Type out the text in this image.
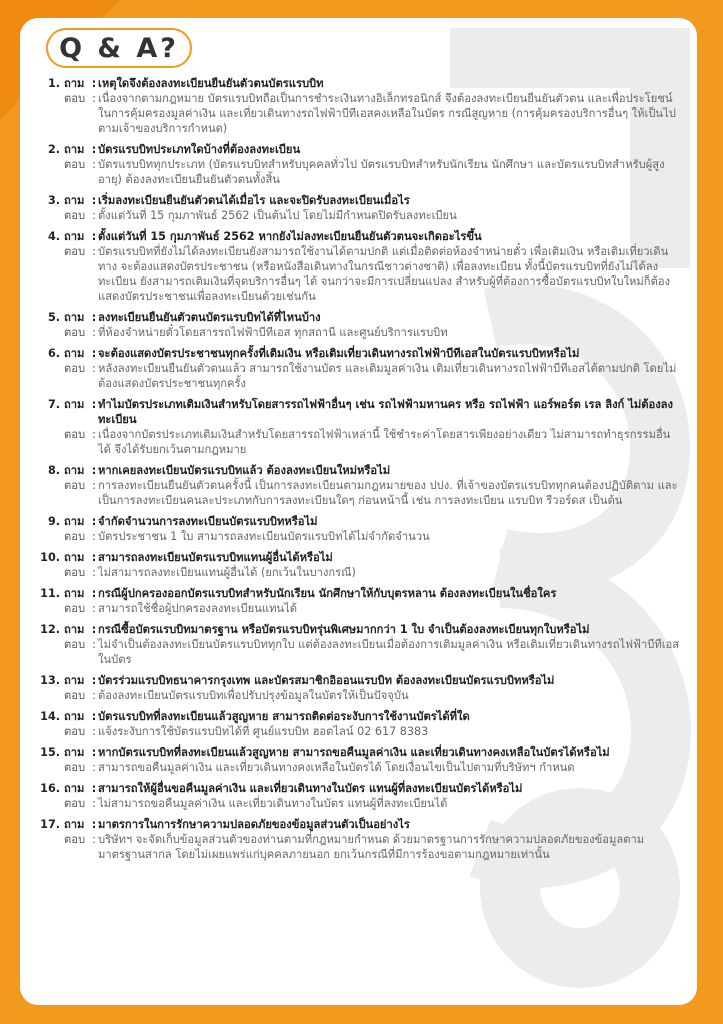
Q & A?
1. ถาม : เหตุใดจึงต้องลงทะเบียนยืนยันตัวตนบัตรแรบบิท
ตอบ : เนื่องจากตามกฎหมาย บัตรแรบบิทถือเป็นการชำระเงินทางอิเล็กทรอนิกส์ จึงต้องลงทะเบียนยืนยันตัวตน และเพื่อประโยชน์ในการคุ้มครองมูลค่าเงิน และเที่ยวเดินทางรถไฟฟ้าบีทีเอสคงเหลือในบัตร กรณีสูญหาย (การคุ้มครองบริการอื่นๆ ให้เป็นไปตามเจ้าของบริการกำหนด)
2. ถาม : บัตรแรบบิทประเภทใดบ้างที่ต้องลงทะเบียน
ตอบ : บัตรแรบบิททุกประเภท (บัตรแรบบิทสำหรับบุคคลทั่วไป บัตรแรบบิทสำหรับนักเรียน นักศึกษา และบัตรแรบบิทสำหรับผู้สูงอายุ) ต้องลงทะเบียนยืนยันตัวตนทั้งสิ้น
3. ถาม : เริ่มลงทะเบียนยืนยันตัวตนได้เมื่อไร และจะปิดรับลงทะเบียนเมื่อไร
ตอบ : ตั้งแต่วันที่ 15 กุมภาพันธ์ 2562 เป็นต้นไป โดยไม่มีกำหนดปิดรับลงทะเบียน
4. ถาม : ตั้งแต่วันที่ 15 กุมภาพันธ์ 2562 หากยังไม่ลงทะเบียนยืนยันตัวตนจะเกิดอะไรขึ้น
ตอบ : บัตรแรบบิทที่ยังไม่ได้ลงทะเบียนยังสามารถใช้งานได้ตามปกติ แต่เมื่อติดต่อห้องจำหน่ายตั๋ว เพื่อเติมเงิน หรือเติมเที่ยวเดินทาง จะต้องแสดงบัตรประชาชน (หรือหนังสือเดินทางในกรณีชาวต่างชาติ) เพื่อลงทะเบียน ทั้งนี้บัตรแรบบิทที่ยังไม่ได้ลงทะเบียน ยังสามารถเติมเงินที่จุดบริการอื่นๆ ได้ จนกว่าจะมีการเปลี่ยนแปลง สำหรับผู้ที่ต้องการซื้อบัตรแรบบิทใบใหม่ก็ต้องแสดงบัตรประชาชนเพื่อลงทะเบียนด้วยเช่นกัน
5. ถาม : ลงทะเบียนยืนยันตัวตนบัตรแรบบิทได้ที่ไหนบ้าง
ตอบ : ที่ห้องจำหน่ายตั๋วโดยสารรถไฟฟ้าบีทีเอส ทุกสถานี และศูนย์บริการแรบบิท
6. ถาม : จะต้องแสดงบัตรประชาชนทุกครั้งที่เติมเงิน หรือเติมเที่ยวเดินทางรถไฟฟ้าบีทีเอสในบัตรแรบบิทหรือไม่
ตอบ : หลังลงทะเบียนยืนยันตัวตนแล้ว สามารถใช้งานบัตร และเติมมูลค่าเงิน เติมเที่ยวเดินทางรถไฟฟ้าบีทีเอสได้ตามปกติ โดยไม่ต้องแสดงบัตรประชาชนทุกครั้ง
7. ถาม : ทำไมบัตรประเภทเติมเงินสำหรับโดยสารรถไฟฟ้าอื่นๆ เช่น รถไฟฟ้ามหานคร หรือ รถไฟฟ้า แอร์พอร์ต เรล ลิงก์ ไม่ต้องลงทะเบียน
ตอบ : เนื่องจากบัตรประเภทเติมเงินสำหรับโดยสารรถไฟฟ้าเหล่านี้ ใช้ชำระค่าโดยสารเพียงอย่างเดียว ไม่สามารถทำธุรกรรมอื่นได้ จึงได้รับยกเว้นตามกฎหมาย
8. ถาม : หากเคยลงทะเบียนบัตรแรบบิทแล้ว ต้องลงทะเบียนใหม่หรือไม่
ตอบ : การลงทะเบียนยืนยันตัวตนครั้งนี้ เป็นการลงทะเบียนตามกฎหมายของ ปปง. ที่เจ้าของบัตรแรบบิททุกคนต้องปฏิบัติตาม และเป็นการลงทะเบียนคนละประเภทกับการลงทะเบียนใดๆ ก่อนหน้านี้ เช่น การลงทะเบียน แรบบิท รีวอร์ดส เป็นต้น
9. ถาม : จำกัดจำนวนการลงทะเบียนบัตรแรบบิทหรือไม่
ตอบ : บัตรประชาชน 1 ใบ สามารถลงทะเบียนบัตรแรบบิทได้ไม่จำกัดจำนวน
10. ถาม : สามารถลงทะเบียนบัตรแรบบิทแทนผู้อื่นได้หรือไม่
ตอบ : ไม่สามารถลงทะเบียนแทนผู้อื่นได้ (ยกเว้นในบางกรณี)
11. ถาม : กรณีผู้ปกครองออกบัตรแรบบิทสำหรับนักเรียน นักศึกษาให้กับบุตรหลาน ต้องลงทะเบียนในชื่อใคร
ตอบ : สามารถใช้ชื่อผู้ปกครองลงทะเบียนแทนได้
12. ถาม : กรณีซื้อบัตรแรบบิทมาตรฐาน หรือบัตรแรบบิทรุ่นพิเศษมากกว่า 1 ใบ จำเป็นต้องลงทะเบียนทุกใบหรือไม่
ตอบ : ไม่จำเป็นต้องลงทะเบียนบัตรแรบบิททุกใบ แต่ต้องลงทะเบียนเมื่อต้องการเติมมูลค่าเงิน หรือเติมเที่ยวเดินทางรถไฟฟ้าบีทีเอสในบัตร
13. ถาม : บัตรร่วมแรบบิทธนาคารกรุงเทพ และบัตรสมาชิกอิออนแรบบิท ต้องลงทะเบียนบัตรแรบบิทหรือไม่
ตอบ : ต้องลงทะเบียนบัตรแรบบิทเพื่อปรับปรุงข้อมูลในบัตรให้เป็นปัจจุบัน
14. ถาม : บัตรแรบบิทที่ลงทะเบียนแล้วสูญหาย สามารถติดต่อระงับการใช้งานบัตรได้ที่ใด
ตอบ : แจ้งระงับการใช้บัตรแรบบิทได้ที่ ศูนย์แรบบิท ฮอตไลน์ 02 617 8383
15. ถาม : หากบัตรแรบบิทที่ลงทะเบียนแล้วสูญหาย สามารถขอคืนมูลค่าเงิน และเที่ยวเดินทางคงเหลือในบัตรได้หรือไม่
ตอบ : สามารถขอคืนมูลค่าเงิน และเที่ยวเดินทางคงเหลือในบัตรได้ โดยเงื่อนไขเป็นไปตามที่บริษัทฯ กำหนด
16. ถาม : สามารถให้ผู้อื่นขอคืนมูลค่าเงิน และเที่ยวเดินทางในบัตร แทนผู้ที่ลงทะเบียนบัตรได้หรือไม่
ตอบ : ไม่สามารถขอคืนมูลค่าเงิน และเที่ยวเดินทางในบัตร แทนผู้ที่ลงทะเบียนได้
17. ถาม : มาตรการในการรักษาความปลอดภัยของข้อมูลส่วนตัวเป็นอย่างไร
ตอบ : บริษัทฯ จะจัดเก็บข้อมูลส่วนตัวของท่านตามที่กฎหมายกำหนด ด้วยมาตรฐานการรักษาความปลอดภัยของข้อมูลตามมาตรฐานสากล โดยไม่เผยแพร่แก่บุคคลภายนอก ยกเว้นกรณีที่มีการร้องขอตามกฎหมายเท่านั้น
